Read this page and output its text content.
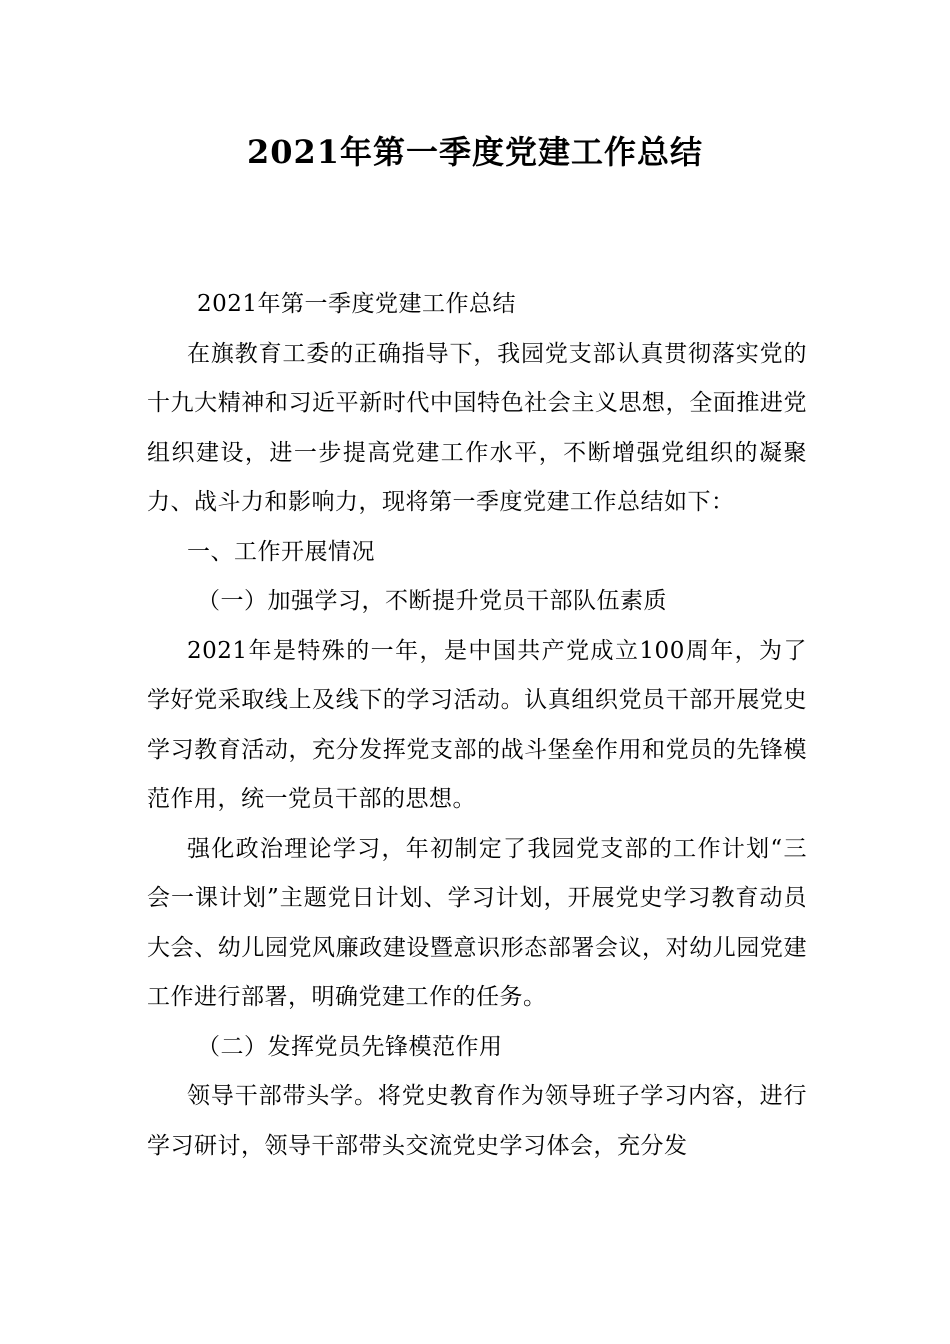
2021年第一季度党建工作总结

2021年第一季度党建工作总结

在旗教育工委的正确指导下，我园党支部认真贯彻落实党的十九大精神和习近平新时代中国特色社会主义思想，全面推进党组织建设，进一步提高党建工作水平，不断增强党组织的凝聚力、战斗力和影响力，现将第一季度党建工作总结如下：

一、工作开展情况

（一）加强学习，不断提升党员干部队伍素质

2021年是特殊的一年，是中国共产党成立100周年，为了学好党采取线上及线下的学习活动。认真组织党员干部开展党史学习教育活动，充分发挥党支部的战斗堡垒作用和党员的先锋模范作用，统一党员干部的思想。

强化政治理论学习，年初制定了我园党支部的工作计划“三会一课计划”主题党日计划、学习计划，开展党史学习教育动员大会、幼儿园党风廉政建设暨意识形态部署会议，对幼儿园党建工作进行部署，明确党建工作的任务。

（二）发挥党员先锋模范作用

领导干部带头学。将党史教育作为领导班子学习内容，进行学习研讨，领导干部带头交流党史学习体会，充分发
